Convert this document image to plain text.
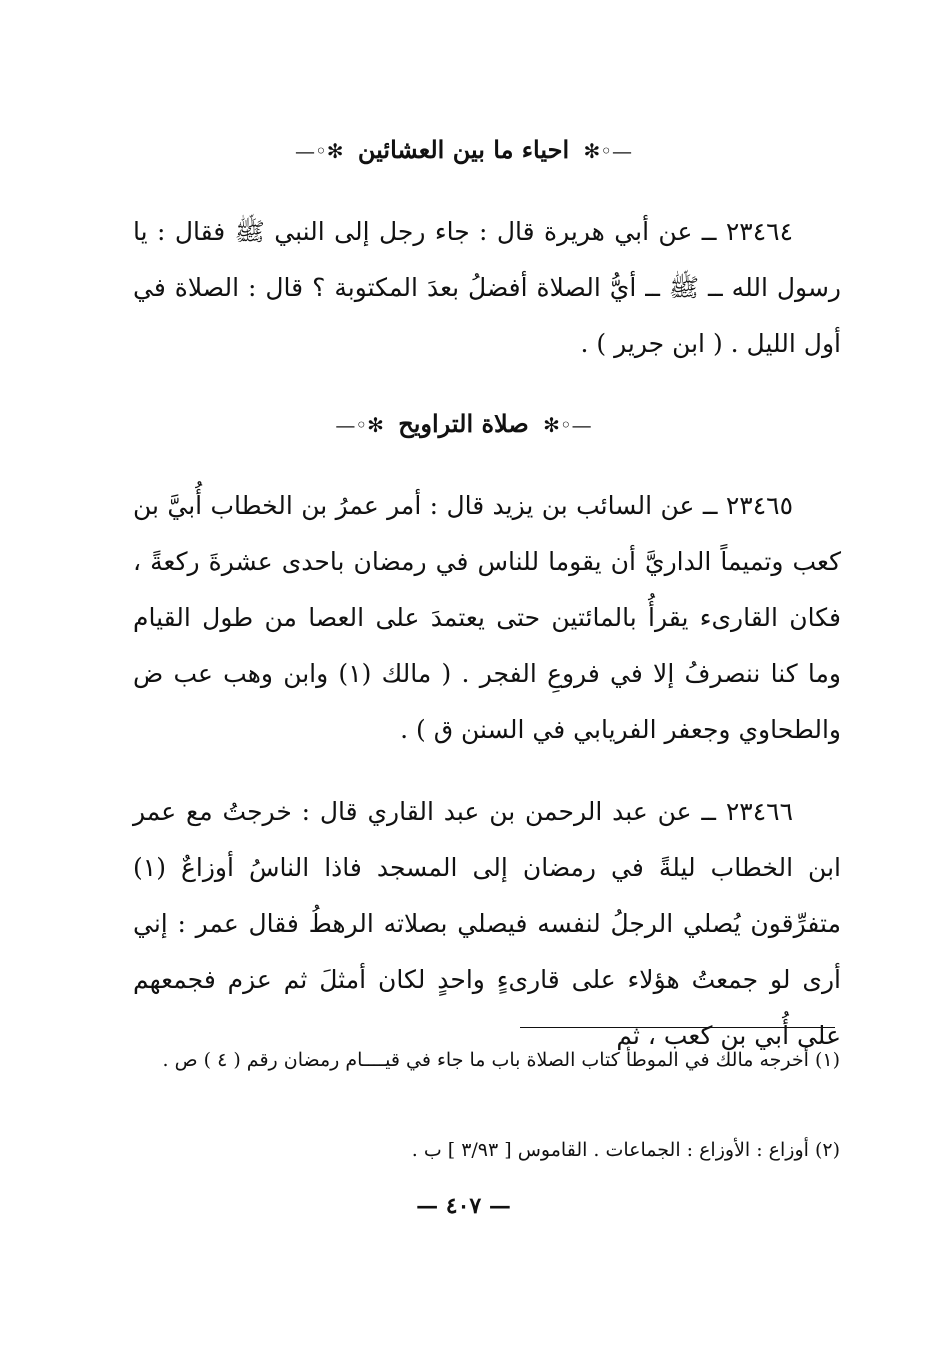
—◦✻ احياء ما بين العشائين ✻◦—
٢٣٤٦٤ ــ عن أبي هريرة قال : جاء رجل إلى النبي ﷺ فقال : يا رسول الله ــ ﷺ ــ أيُّ الصلاة أفضلُ بعدَ المكتوبة ؟ قال : الصلاة في أول الليل . ( ابن جرير ) .
—◦✻ صلاة التراويح ✻◦—
٢٣٤٦٥ ــ عن السائب بن يزيد قال : أمر عمرُ بن الخطاب أُبيَّ بن كعب وتميماً الداريَّ أن يقوما للناس في رمضان باحدى عشرةَ ركعةً ، فكان القارىء يقرأُ بالمائتين حتى يعتمدَ على العصا من طول القيام وما كنا ننصرفُ إلا في فروعِ الفجر . ( مالك (١) وابن وهب عب ض والطحاوي وجعفر الفريابي في السنن ق ) .
٢٣٤٦٦ ــ عن عبد الرحمن بن عبد القاري قال : خرجتُ مع عمر ابن الخطاب ليلةً في رمضان إلى المسجد فاذا الناسُ أوزاعٌ (١) متفرِّقون يُصلي الرجلُ لنفسه فيصلي بصلاته الرهطُ فقال عمر : إني أرى لو جمعتُ هؤلاء على قارىءٍ واحدٍ لكان أمثلَ ثم عزم فجمعهم على أُبي بن كعب ، ثم
(١) أخرجه مالك في الموطأ كتاب الصلاة باب ما جاء في قيــــام رمضان رقم ( ٤ ) ص .
(٢) أوزاع : الأوزاع : الجماعات . القاموس [ ٣/٩٣ ] ب .
— ٤٠٧ —
